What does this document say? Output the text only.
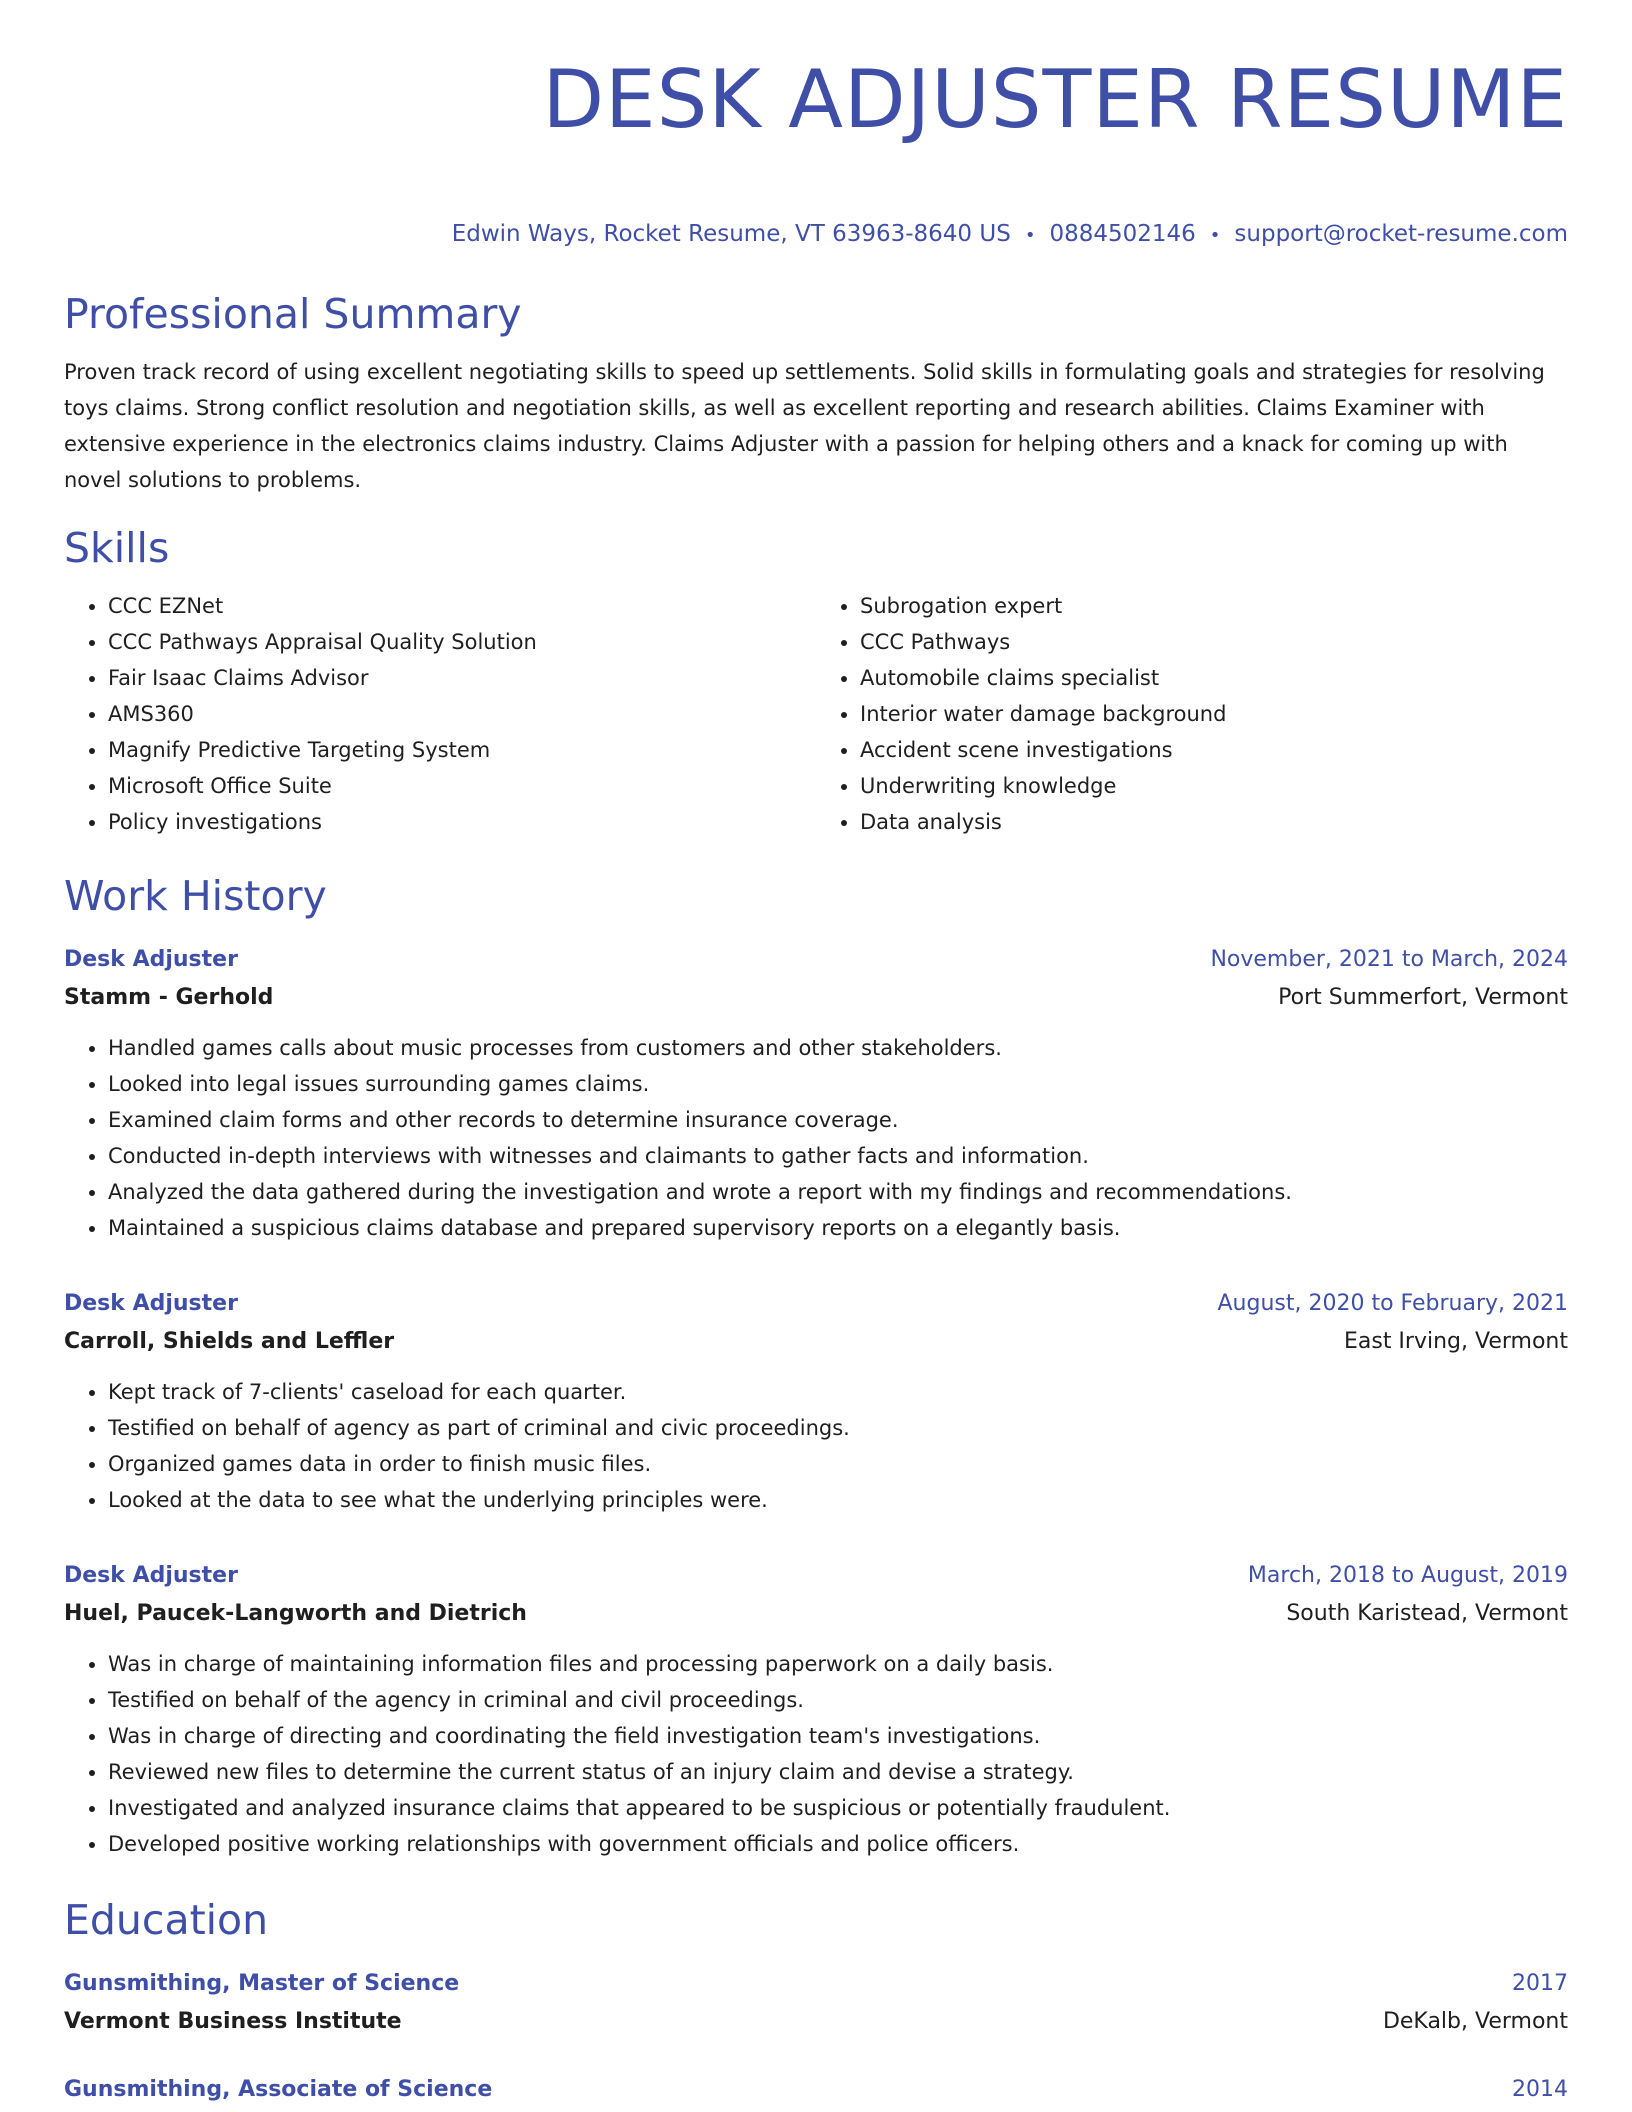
DESK ADJUSTER RESUME
Edwin Ways, Rocket Resume, VT 63963-8640 US • 0884502146 • support@rocket-resume.com
Professional Summary

Proven track record of using excellent negotiating skills to speed up settlements. Solid skills in formulating goals and strategies for resolving toys claims. Strong conflict resolution and negotiation skills, as well as excellent reporting and research abilities. Claims Examiner with extensive experience in the electronics claims industry. Claims Adjuster with a passion for helping others and a knack for coming up with novel solutions to problems.

Skills
• CCC EZNet
• CCC Pathways Appraisal Quality Solution
• Fair Isaac Claims Advisor
• AMS360
• Magnify Predictive Targeting System
• Microsoft Office Suite
• Policy investigations
• Subrogation expert
• CCC Pathways
• Automobile claims specialist
• Interior water damage background
• Accident scene investigations
• Underwriting knowledge
• Data analysis
Work History
Desk Adjuster	November, 2021 to March, 2024
Stamm - Gerhold	Port Summerfort, Vermont
• Handled games calls about music processes from customers and other stakeholders.
• Looked into legal issues surrounding games claims.
• Examined claim forms and other records to determine insurance coverage.
• Conducted in-depth interviews with witnesses and claimants to gather facts and information.
• Analyzed the data gathered during the investigation and wrote a report with my findings and recommendations.
• Maintained a suspicious claims database and prepared supervisory reports on a elegantly basis.
Desk Adjuster	August, 2020 to February, 2021
Carroll, Shields and Leffler	East Irving, Vermont
• Kept track of 7-clients' caseload for each quarter.
• Testified on behalf of agency as part of criminal and civic proceedings.
• Organized games data in order to finish music files.
• Looked at the data to see what the underlying principles were.
Desk Adjuster	March, 2018 to August, 2019
Huel, Paucek-Langworth and Dietrich	South Karistead, Vermont
• Was in charge of maintaining information files and processing paperwork on a daily basis.
• Testified on behalf of the agency in criminal and civil proceedings.
• Was in charge of directing and coordinating the field investigation team's investigations.
• Reviewed new files to determine the current status of an injury claim and devise a strategy.
• Investigated and analyzed insurance claims that appeared to be suspicious or potentially fraudulent.
• Developed positive working relationships with government officials and police officers.
Education
Gunsmithing, Master of Science	2017
Vermont Business Institute	DeKalb, Vermont
Gunsmithing, Associate of Science	2014
